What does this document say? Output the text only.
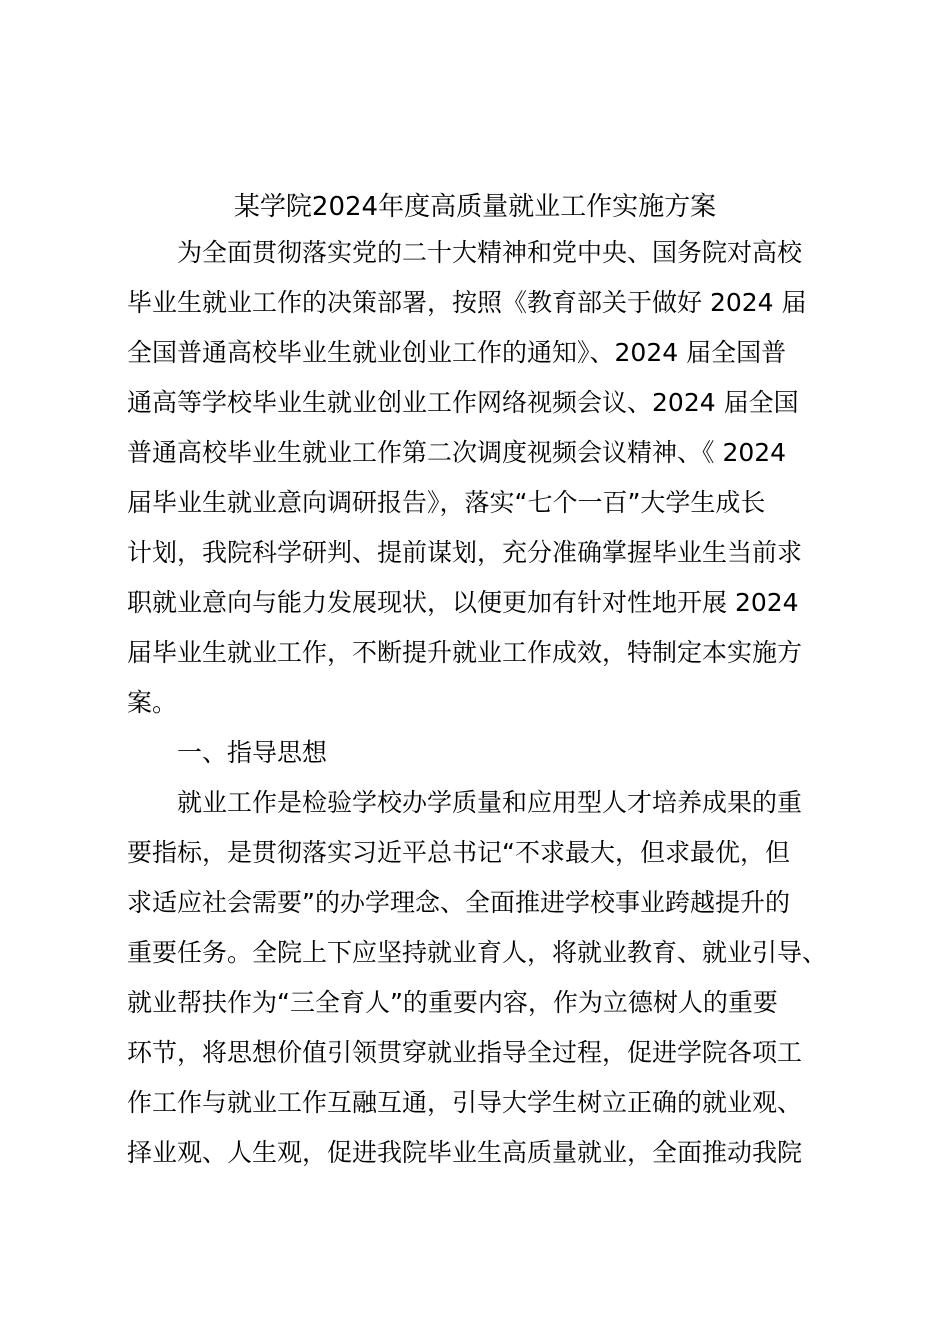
某学院2024年度高质量就业工作实施方案
为全面贯彻落实党的二十大精神和党中央、国务院对高校
毕业生就业工作的决策部署，按照《教育部关于做好 2024 届
全国普通高校毕业生就业创业工作的通知》、2024 届全国普
通高等学校毕业生就业创业工作网络视频会议、2024 届全国
普通高校毕业生就业工作第二次调度视频会议精神、《 2024
届毕业生就业意向调研报告》，落实“七个一百”大学生成长
计划，我院科学研判、提前谋划，充分准确掌握毕业生当前求
职就业意向与能力发展现状，以便更加有针对性地开展 2024
届毕业生就业工作，不断提升就业工作成效，特制定本实施方
案。
一、指导思想
就业工作是检验学校办学质量和应用型人才培养成果的重
要指标，是贯彻落实习近平总书记“不求最大，但求最优，但
求适应社会需要”的办学理念、全面推进学校事业跨越提升的
重要任务。全院上下应坚持就业育人，将就业教育、就业引导、
就业帮扶作为“三全育人”的重要内容，作为立德树人的重要
环节，将思想价值引领贯穿就业指导全过程，促进学院各项工
作工作与就业工作互融互通，引导大学生树立正确的就业观、
择业观、人生观，促进我院毕业生高质量就业，全面推动我院
